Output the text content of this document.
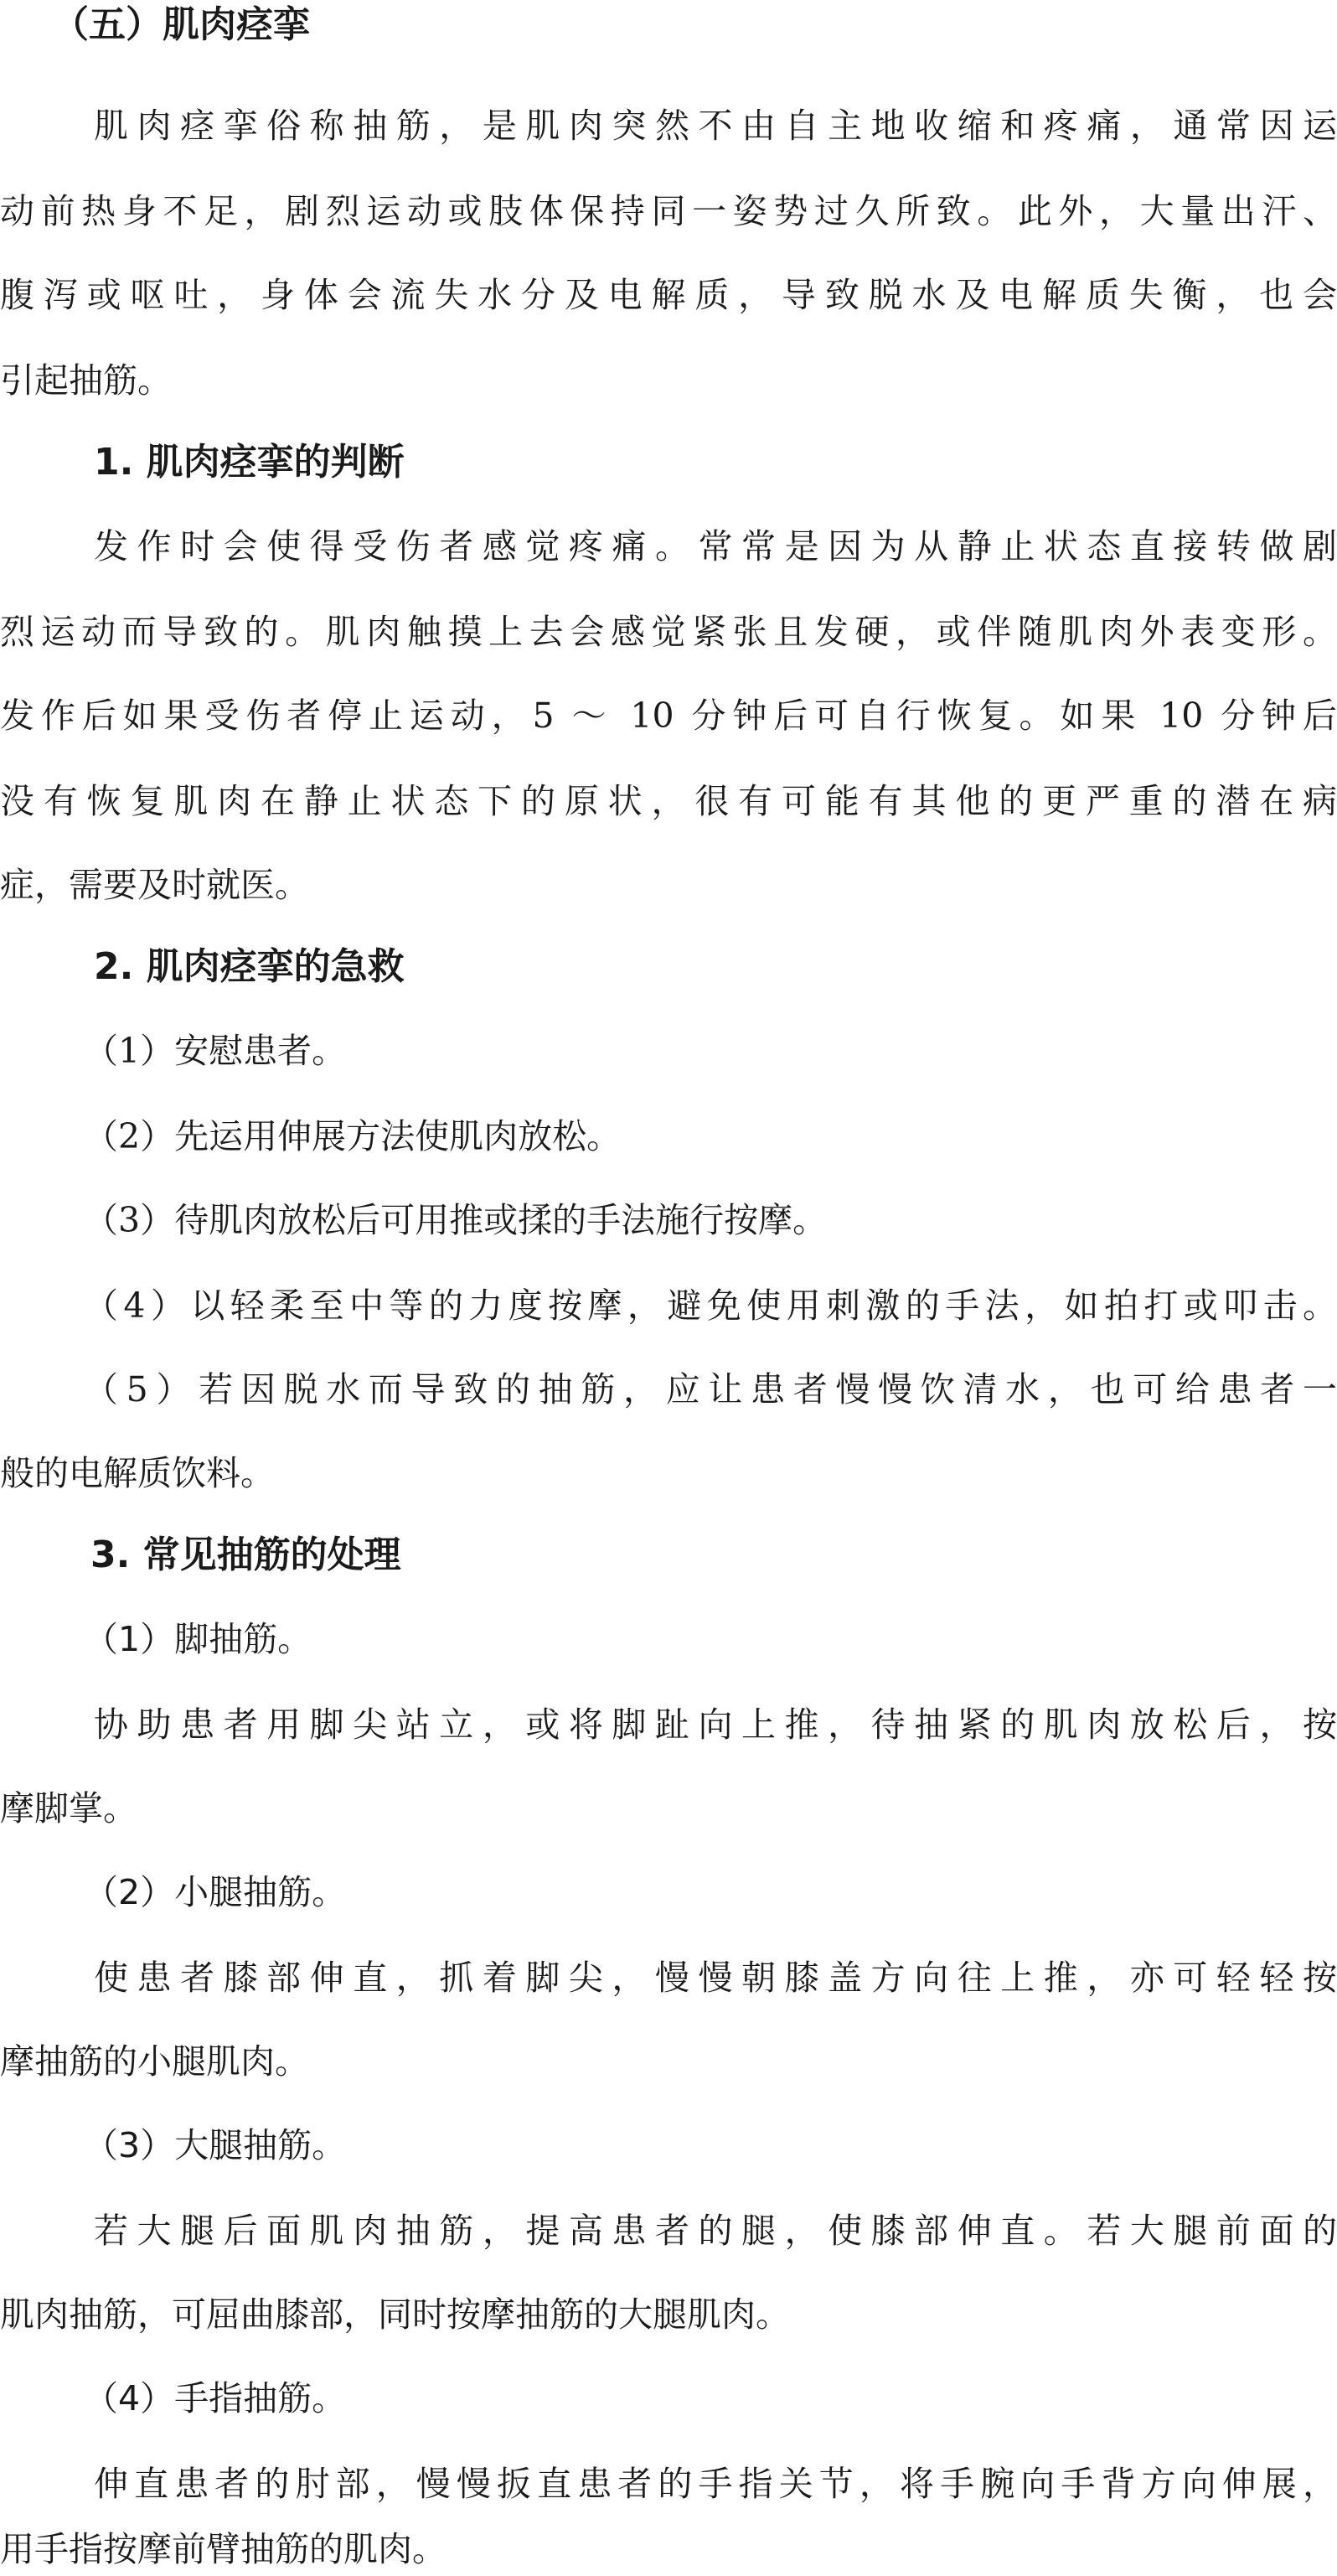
（五）肌肉痉挛
肌肉痉挛俗称抽筋，是肌肉突然不由自主地收缩和疼痛，通常因运
动前热身不足，剧烈运动或肢体保持同一姿势过久所致。此外，大量出汗、
腹泻或呕吐，身体会流失水分及电解质，导致脱水及电解质失衡，也会
引起抽筋。
1. 肌肉痉挛的判断
发作时会使得受伤者感觉疼痛。常常是因为从静止状态直接转做剧
烈运动而导致的。肌肉触摸上去会感觉紧张且发硬，或伴随肌肉外表变形。
发作后如果受伤者停止运动，5 ～ 10 分钟后可自行恢复。如果 10 分钟后
没有恢复肌肉在静止状态下的原状，很有可能有其他的更严重的潜在病
症，需要及时就医。
2. 肌肉痉挛的急救
（1）安慰患者。
（2）先运用伸展方法使肌肉放松。
（3）待肌肉放松后可用推或揉的手法施行按摩。
（4）以轻柔至中等的力度按摩，避免使用刺激的手法，如拍打或叩击。
（5）若因脱水而导致的抽筋，应让患者慢慢饮清水，也可给患者一
般的电解质饮料。
3. 常见抽筋的处理
（1）脚抽筋。
协助患者用脚尖站立，或将脚趾向上推，待抽紧的肌肉放松后，按
摩脚掌。
（2）小腿抽筋。
使患者膝部伸直，抓着脚尖，慢慢朝膝盖方向往上推，亦可轻轻按
摩抽筋的小腿肌肉。
（3）大腿抽筋。
若大腿后面肌肉抽筋，提高患者的腿，使膝部伸直。若大腿前面的
肌肉抽筋，可屈曲膝部，同时按摩抽筋的大腿肌肉。
（4）手指抽筋。
伸直患者的肘部，慢慢扳直患者的手指关节，将手腕向手背方向伸展，
用手指按摩前臂抽筋的肌肉。
